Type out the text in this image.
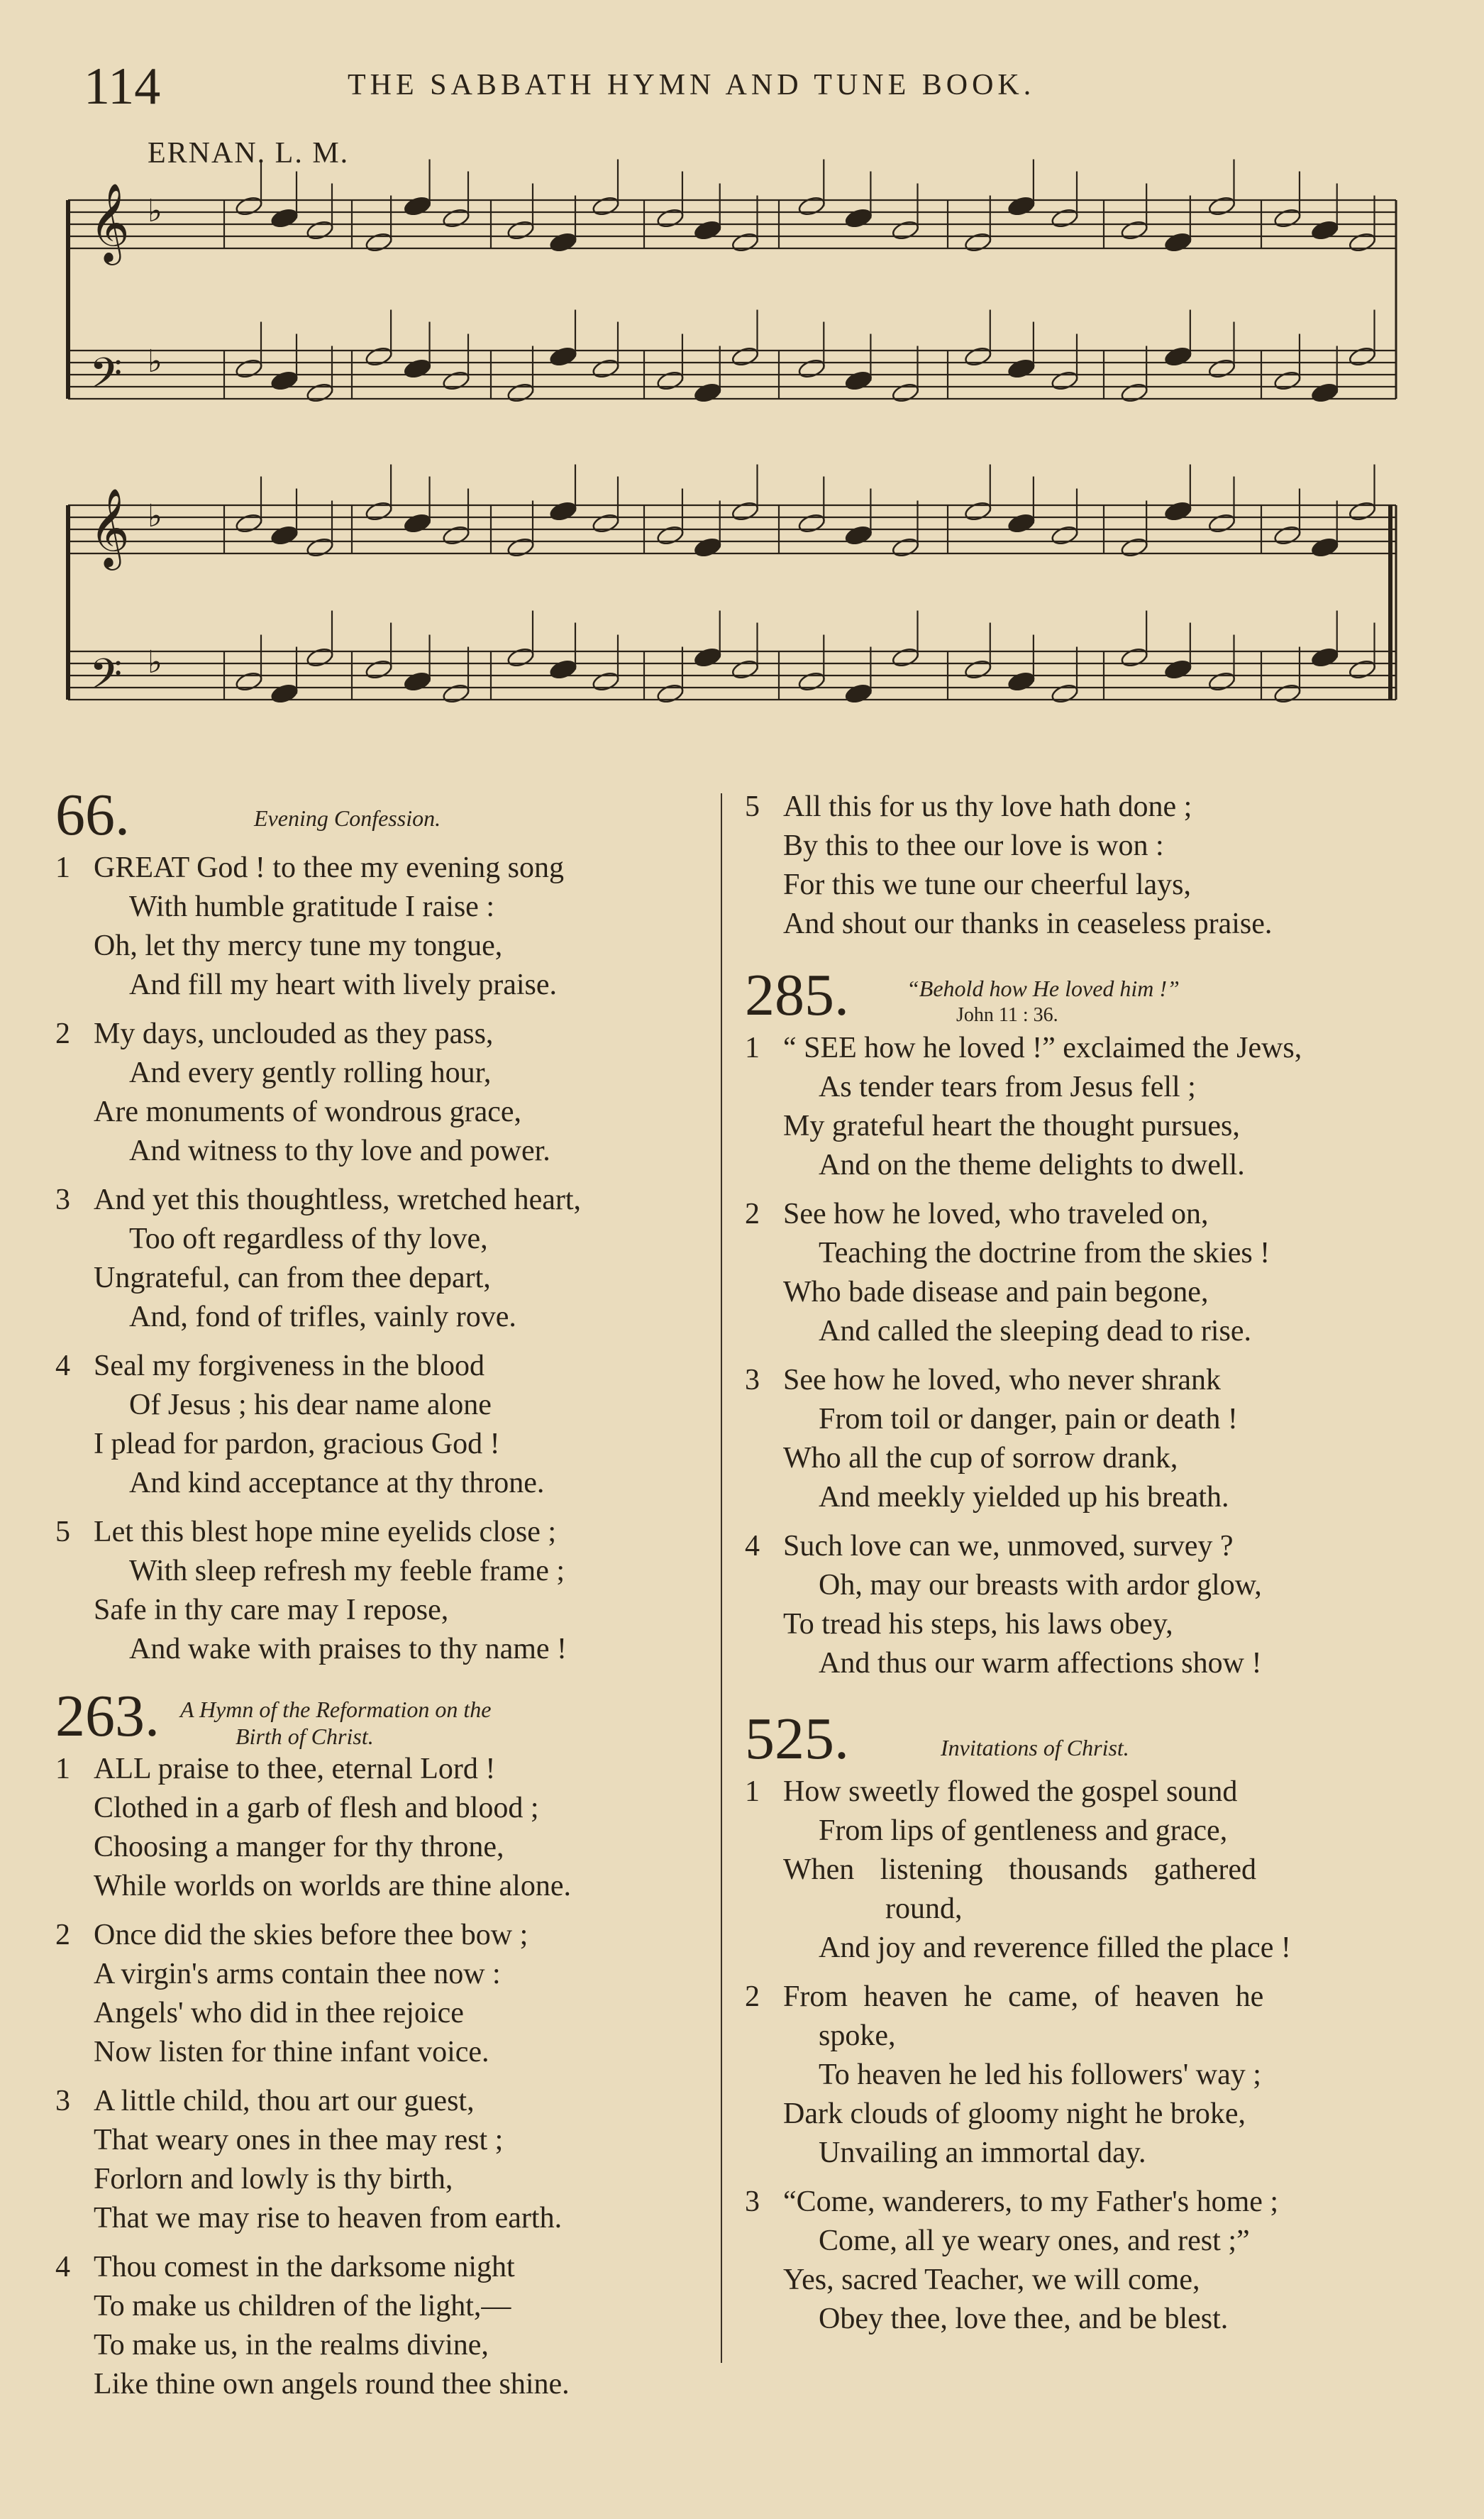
114	THE SABBATH HYMN AND TUNE BOOK.
ERNAN. L. M.
𝄞 ♭
𝄢 ♭
𝄞 ♭
𝄢 ♭
66.	Evening Confession.
1 GREAT God ! to thee my evening song
With humble gratitude I raise :
Oh, let thy mercy tune my tongue,
And fill my heart with lively praise.
2 My days, unclouded as they pass,
And every gently rolling hour,
Are monuments of wondrous grace,
And witness to thy love and power.
3 And yet this thoughtless, wretched heart,
Too oft regardless of thy love,
Ungrateful, can from thee depart,
And, fond of trifles, vainly rove.
4 Seal my forgiveness in the blood
Of Jesus ; his dear name alone
I plead for pardon, gracious God !
And kind acceptance at thy throne.
5 Let this blest hope mine eyelids close ;
With sleep refresh my feeble frame ;
Safe in thy care may I repose,
And wake with praises to thy name !
263. A Hymn of the Reformation on the
Birth of Christ.
1 ALL praise to thee, eternal Lord !
Clothed in a garb of flesh and blood ;
Choosing a manger for thy throne,
While worlds on worlds are thine alone.
2 Once did the skies before thee bow ;
A virgin's arms contain thee now :
Angels' who did in thee rejoice
Now listen for thine infant voice.
3 A little child, thou art our guest,
That weary ones in thee may rest ;
Forlorn and lowly is thy birth,
That we may rise to heaven from earth.
4 Thou comest in the darksome night
To make us children of the light,—
To make us, in the realms divine,
Like thine own angels round thee shine.
5 All this for us thy love hath done ;
By this to thee our love is won :
For this we tune our cheerful lays,
And shout our thanks in ceaseless praise.
285.	“Behold how He loved him !”
John 11 : 36.
1 “ SEE how he loved !” exclaimed the Jews,
As tender tears from Jesus fell ;
My grateful heart the thought pursues,
And on the theme delights to dwell.
2 See how he loved, who traveled on,
Teaching the doctrine from the skies !
Who bade disease and pain begone,
And called the sleeping dead to rise.
3 See how he loved, who never shrank
From toil or danger, pain or death !
Who all the cup of sorrow drank,
And meekly yielded up his breath.
4 Such love can we, unmoved, survey ?
Oh, may our breasts with ardor glow,
To tread his steps, his laws obey,
And thus our warm affections show !
525.	Invitations of Christ.
1 How sweetly flowed the gospel sound
From lips of gentleness and grace,
When listening thousands gathered
round,
And joy and reverence filled the place !
2 From heaven he came, of heaven he
spoke,
To heaven he led his followers' way ;
Dark clouds of gloomy night he broke,
Unvailing an immortal day.
3 “Come, wanderers, to my Father's home ;
Come, all ye weary ones, and rest ;”
Yes, sacred Teacher, we will come,
Obey thee, love thee, and be blest.
